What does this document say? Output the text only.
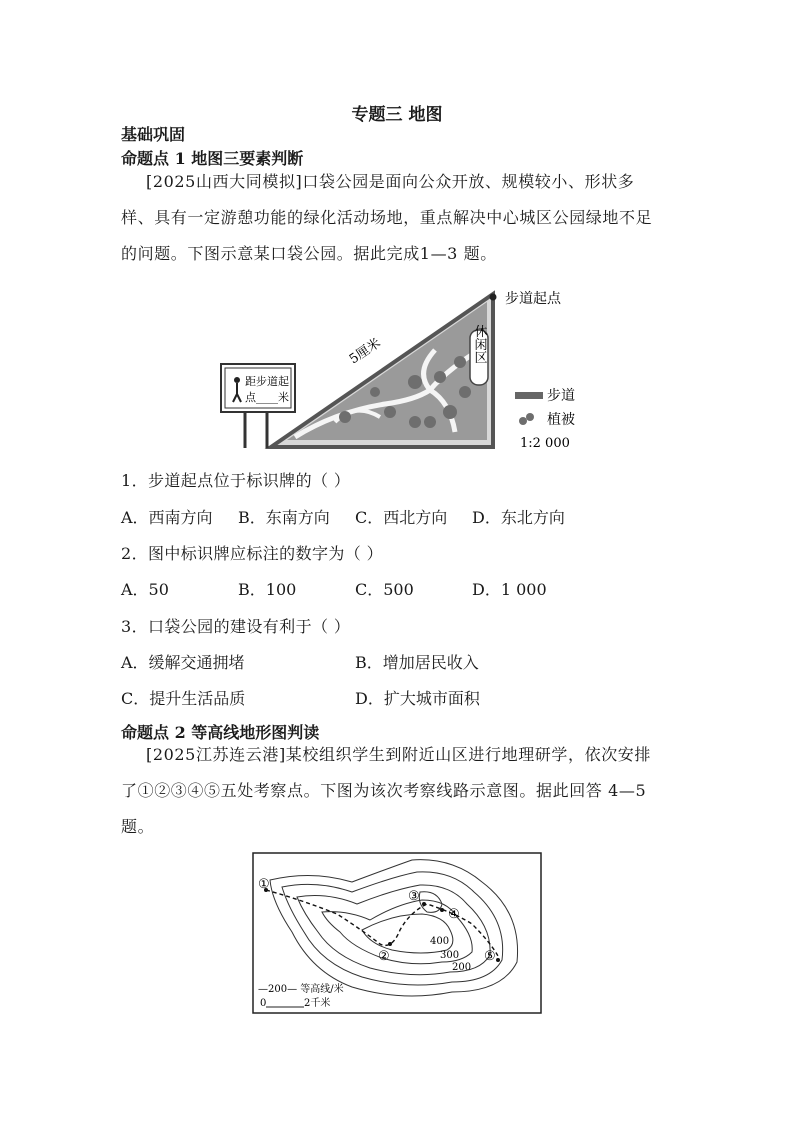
专题三 地图
基础巩固
命题点 1 地图三要素判断
[2025山西大同模拟]口袋公园是面向公众开放、规模较小、形状多样、具有一定游憩功能的绿化活动场地，重点解决中心城区公园绿地不足的问题。下图示意某口袋公园。据此完成1—3 题。
休闲区
步道起点
5厘米
距步道起
点____米	步道
植被
1:2 000
1．步道起点位于标识牌的（ ）
A．西南方向 B．东南方向 C．西北方向 D．东北方向
2．图中标识牌应标注的数字为（ ）
A．50	B．100	C．500	D．1 000
3．口袋公园的建设有利于（ ）
A．缓解交通拥堵	B．增加居民收入
C．提升生活品质	D．扩大城市面积
命题点 2 等高线地形图判读
[2025江苏连云港]某校组织学生到附近山区进行地理研学，依次安排了①②③④⑤五处考察点。下图为该次考察线路示意图。据此回答 4—5 题。
①
②
③
④
⑤
400
300
200
—200— 等高线/米
0	2千米
